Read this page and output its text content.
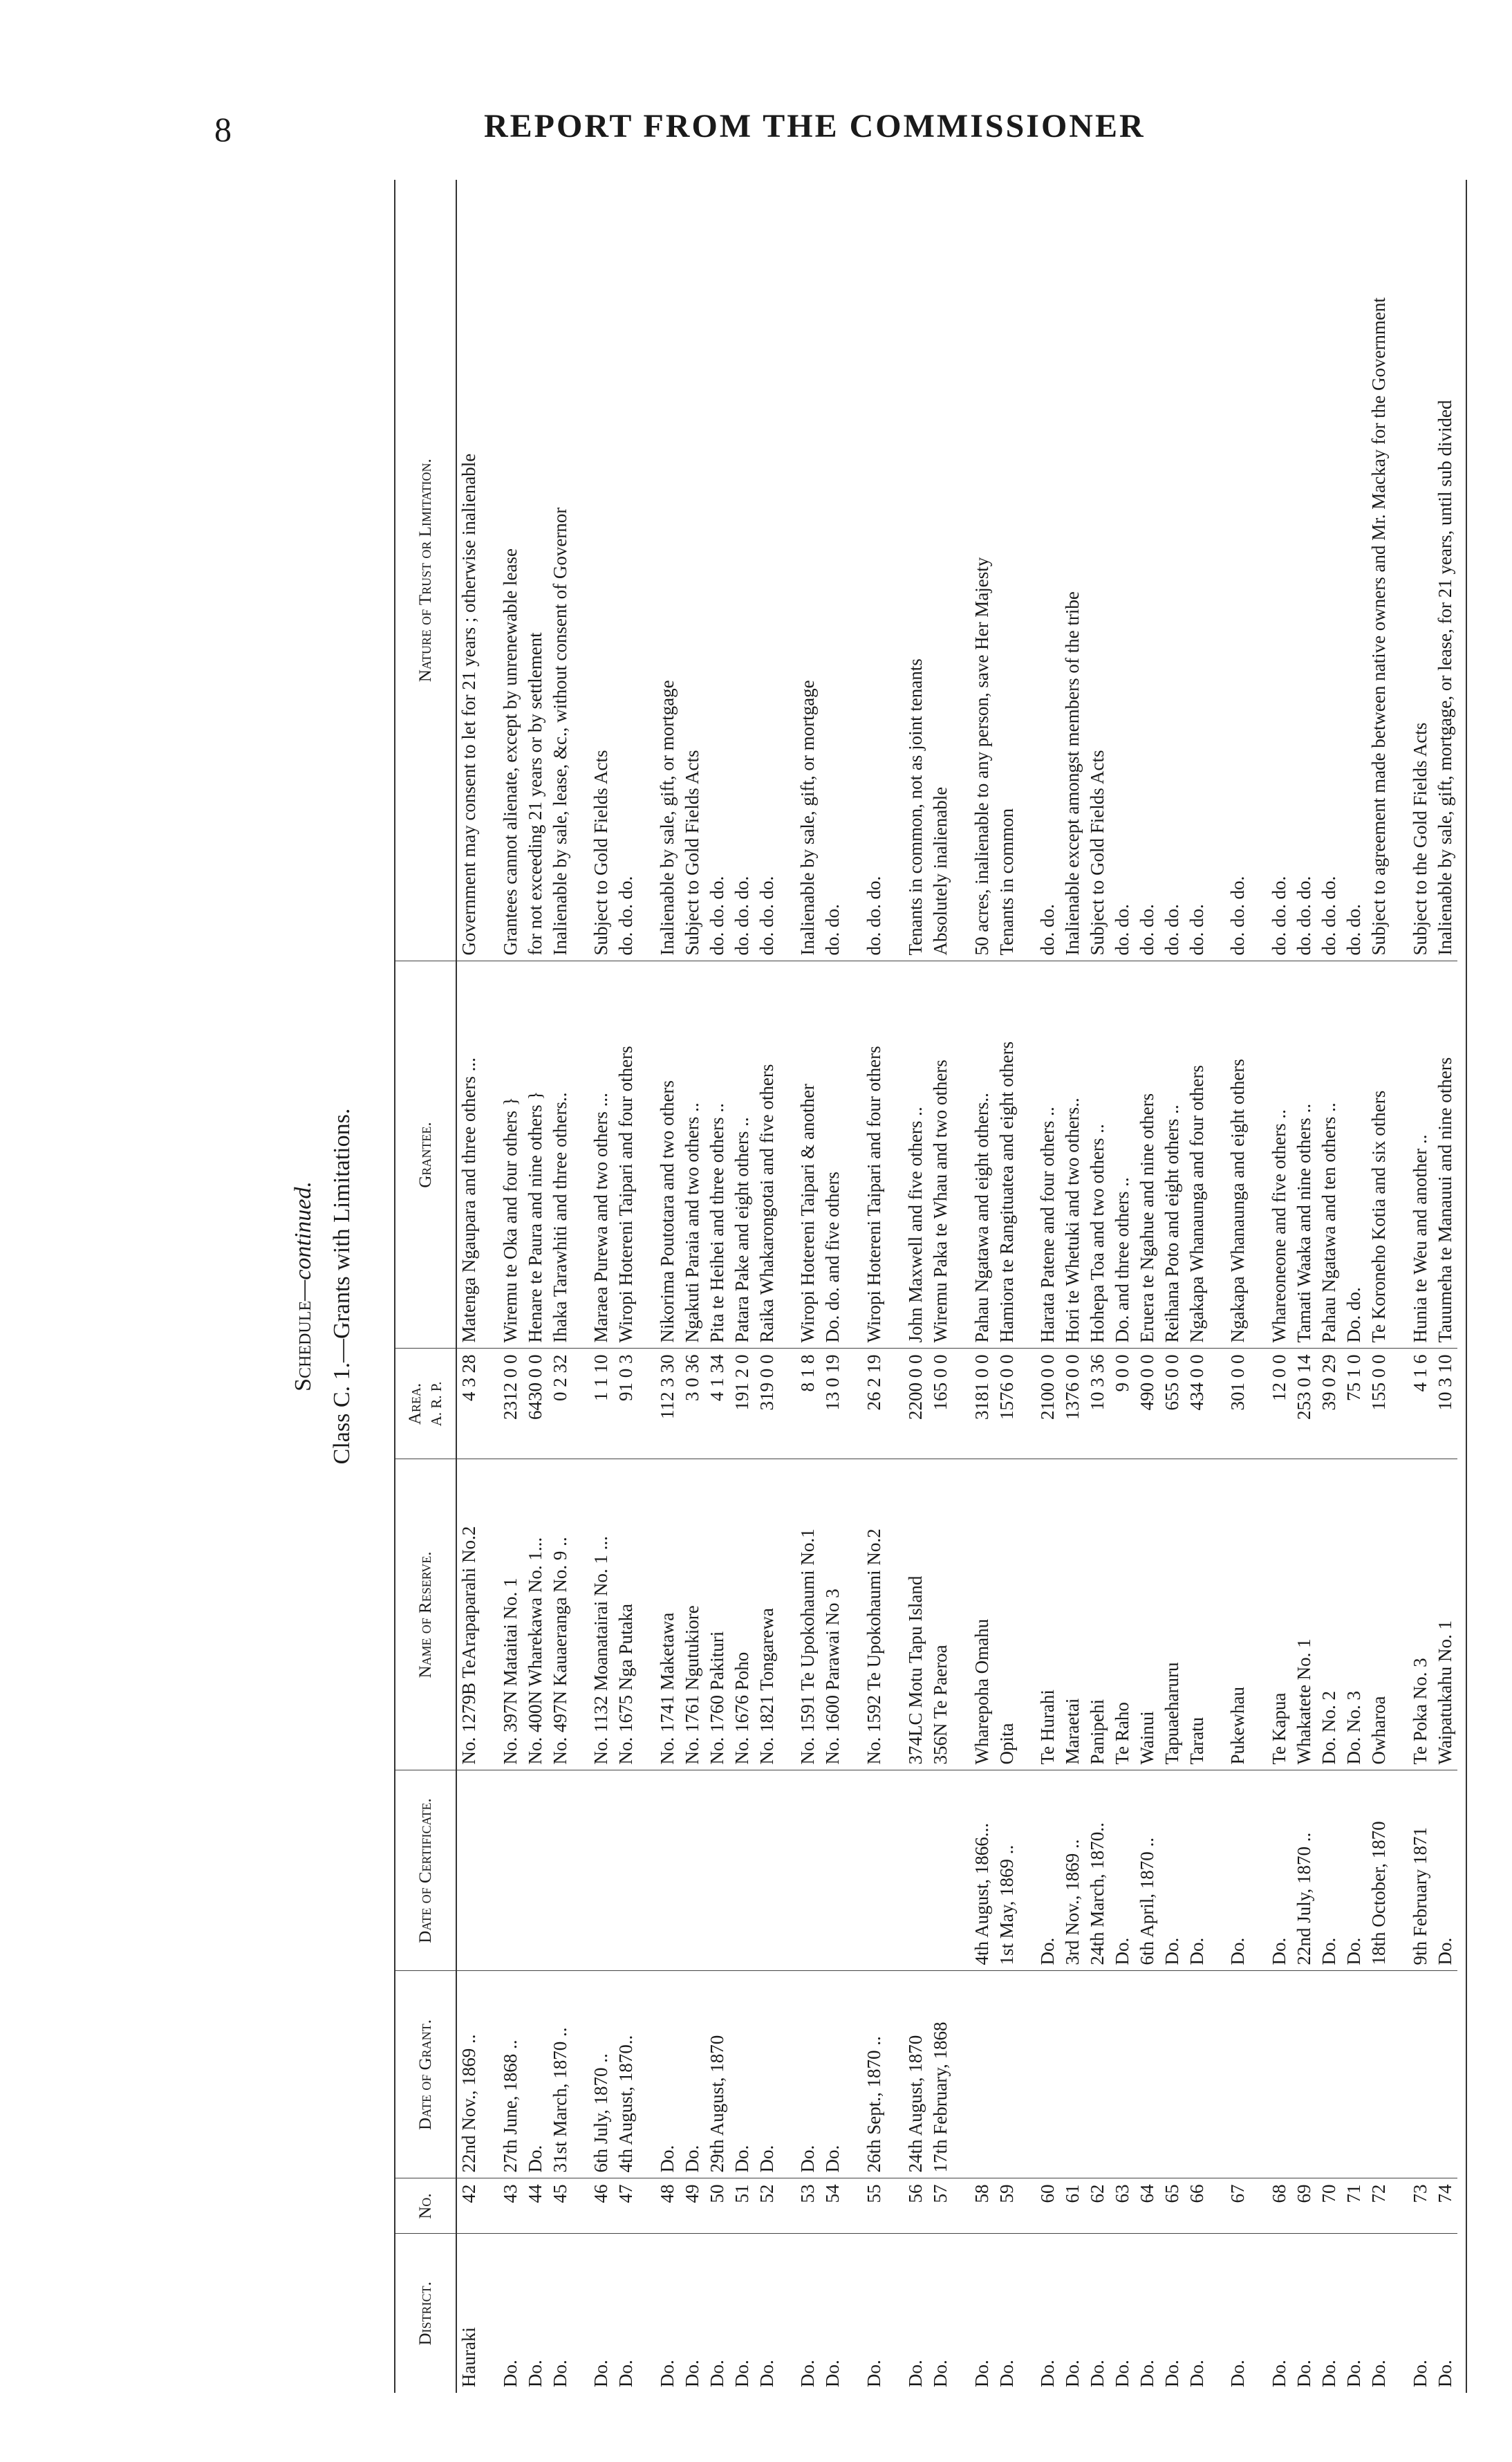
8	REPORT FROM THE COMMISSIONER
Schedule—continued. Class C. 1.—Grants with Limitations.
District.	No.	Date of Grant.	Date of Certificate.	Name of Reserve.	Area. A. R. P.	Grantee.	Nature of Trust or Limitation.
Hauraki	42	22nd Nov., 1869 ..		No. 1279B TeArapaparahi No.2	4 3 28	Matenga Ngaupara and three others ...	Government may consent to let for 21 years ; otherwise inalienable
Do.	43	27th June, 1868 ..		No. 397N Mataitai No. 1	2312 0 0	Wiremu te Oka and four others }	Grantees cannot alienate, except by unrenewable lease
Do.	44	Do.		No. 400N Wharekawa No. 1...	6430 0 0	Henare te Paura and nine others }	for not exceeding 21 years or by settlement
Do.	45	31st March, 1870 ..		No. 497N Kauaeranga No. 9 ..	0 2 32	Ihaka Tarawhiti and three others..	Inalienable by sale, lease, &c., without consent of Governor
Do.	46	6th July, 1870 ..		No. 1132 Moanatairai No. 1 ...	1 1 10	Maraea Purewa and two others ...	Subject to Gold Fields Acts
Do.	47	4th August, 1870..		No. 1675 Nga Putaka	91 0 3	Wiropi Hotereni Taipari and four others	do. do. do.
Do.	48	Do.		No. 1741 Maketawa	112 3 30	Nikorima Poutotara and two others	Inalienable by sale, gift, or mortgage
Do.	49	Do.		No. 1761 Ngutukiore	3 0 36	Ngakuti Paraia and two others ..	Subject to Gold Fields Acts
Do.	50	29th August, 1870		No. 1760 Pakituri	4 1 34	Pita te Heihei and three others ..	do. do. do.
Do.	51	Do.		No. 1676 Poho	191 2 0	Patara Pake and eight others ..	do. do. do.
Do.	52	Do.		No. 1821 Tongarewa	319 0 0	Raika Whakarongotai and five others	do. do. do.
Do.	53	Do.		No. 1591 Te Upokohaumi No.1	8 1 8	Wiropi Hotereni Taipari & another	Inalienable by sale, gift, or mortgage
Do.	54	Do.		No. 1600 Parawai No 3	13 0 19	Do. do. and five others	do. do.
Do.	55	26th Sept., 1870 ..		No. 1592 Te Upokohaumi No.2	26 2 19	Wiropi Hotereni Taipari and four others	do. do. do.
Do.	56	24th August, 1870		374LC Motu Tapu Island	2200 0 0	John Maxwell and five others ..	Tenants in common, not as joint tenants
Do.	57	17th February, 1868		356N Te Paeroa	165 0 0	Wiremu Paka te Whau and two others	Absolutely inalienable
Do.	58		4th August, 1866...	Wharepoha Omahu	3181 0 0	Pahau Ngatawa and eight others..	50 acres, inalienable to any person, save Her Majesty
Do.	59		1st May, 1869 ..	Opita	1576 0 0	Hamiora te Rangituatea and eight others	Tenants in common
Do.	60		Do.	Te Hurahi	2100 0 0	Harata Patene and four others ..	do. do.
Do.	61		3rd Nov., 1869 ..	Maraetai	1376 0 0	Hori te Whetuki and two others..	Inalienable except amongst members of the tribe
Do.	62		24th March, 1870..	Panipehi	10 3 36	Hohepa Toa and two others ..	Subject to Gold Fields Acts
Do.	63		Do.	Te Raho	9 0 0	Do. and three others ..	do. do.
Do.	64		6th April, 1870 ..	Wainui	490 0 0	Eruera te Ngahue and nine others	do. do.
Do.	65		Do.	Tapuaeharuru	655 0 0	Reihana Poto and eight others ..	do. do.
Do.	66		Do.	Taratu	434 0 0	Ngakapa Whanaunga and four others	do. do.
Do.	67		Do.	Pukewhau	301 0 0	Ngakapa Whanaunga and eight others	do. do. do.
Do.	68		Do.	Te Kapua	12 0 0	Whareoneone and five others ..	do. do. do.
Do.	69		22nd July, 1870 ..	Whakatete No. 1	253 0 14	Tamati Waaka and nine others ..	do. do. do.
Do.	70		Do.	Do. No. 2	39 0 29	Pahau Ngatawa and ten others ..	do. do. do.
Do.	71		Do.	Do. No. 3	75 1 0	Do. do.	do. do.
Do.	72		18th October, 1870	Owharoa	155 0 0	Te Koroneho Kotia and six others	Subject to agreement made between native owners and Mr. Mackay for the Government
Do.	73		9th February 1871	Te Poka No. 3	4 1 6	Hunia te Weu and another ..	Subject to the Gold Fields Acts
Do.	74		Do.	Waipatukahu No. 1	10 3 10	Tauumeha te Manauui and nine others	Inalienable by sale, gift, mortgage, or lease, for 21 years, until sub divided
